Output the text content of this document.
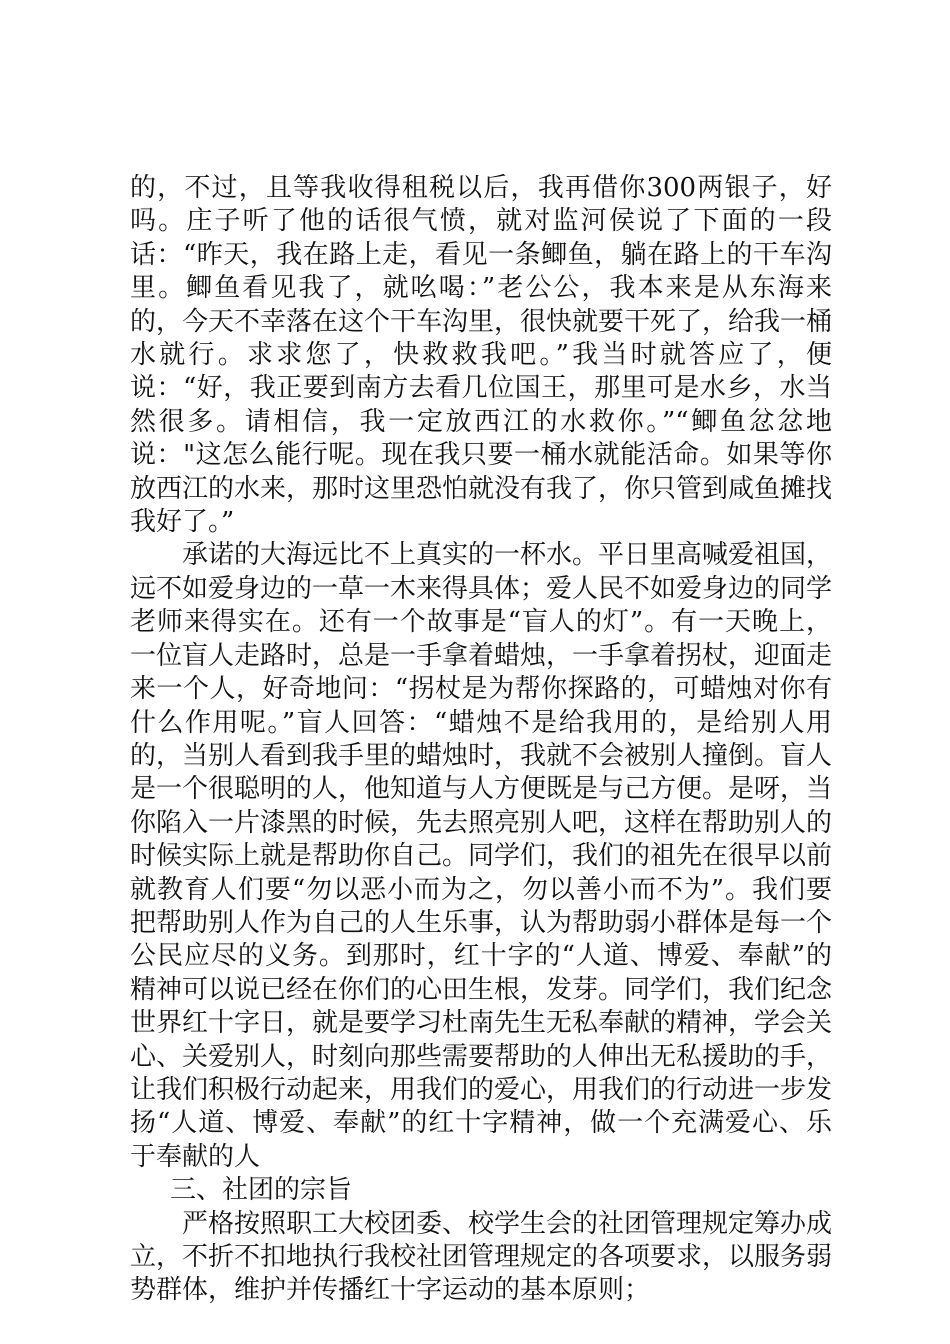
的，不过，且等我收得租税以后，我再借你300两银子，好吗。庄子听了他的话很气愤，就对监河侯说了下面的一段话：“昨天，我在路上走，看见一条鲫鱼，躺在路上的干车沟里。鲫鱼看见我了，就吆喝：”老公公，我本来是从东海来的，今天不幸落在这个干车沟里，很快就要干死了，给我一桶水就行。求求您了，快救救我吧。”我当时就答应了，便说：“好，我正要到南方去看几位国王，那里可是水乡，水当然很多。请相信，我一定放西江的水救你。”“鲫鱼忿忿地说："这怎么能行呢。现在我只要一桶水就能活命。如果等你放西江的水来，那时这里恐怕就没有我了，你只管到咸鱼摊找我好了。”

承诺的大海远比不上真实的一杯水。平日里高喊爱祖国，远不如爱身边的一草一木来得具体；爱人民不如爱身边的同学老师来得实在。还有一个故事是“盲人的灯”。有一天晚上，一位盲人走路时，总是一手拿着蜡烛，一手拿着拐杖，迎面走来一个人，好奇地问：“拐杖是为帮你探路的，可蜡烛对你有什么作用呢。”盲人回答：“蜡烛不是给我用的，是给别人用的，当别人看到我手里的蜡烛时，我就不会被别人撞倒。盲人是一个很聪明的人，他知道与人方便既是与己方便。是呀，当你陷入一片漆黑的时候，先去照亮别人吧，这样在帮助别人的时候实际上就是帮助你自己。同学们，我们的祖先在很早以前就教育人们要“勿以恶小而为之，勿以善小而不为”。我们要把帮助别人作为自己的人生乐事，认为帮助弱小群体是每一个公民应尽的义务。到那时，红十字的“人道、博爱、奉献”的精神可以说已经在你们的心田生根，发芽。同学们，我们纪念世界红十字日，就是要学习杜南先生无私奉献的精神，学会关心、关爱别人，时刻向那些需要帮助的人伸出无私援助的手，让我们积极行动起来，用我们的爱心，用我们的行动进一步发扬“人道、博爱、奉献”的红十字精神，做一个充满爱心、乐于奉献的人

三、社团的宗旨

严格按照职工大校团委、校学生会的社团管理规定筹办成立，不折不扣地执行我校社团管理规定的各项要求，以服务弱势群体，维护并传播红十字运动的基本原则；
